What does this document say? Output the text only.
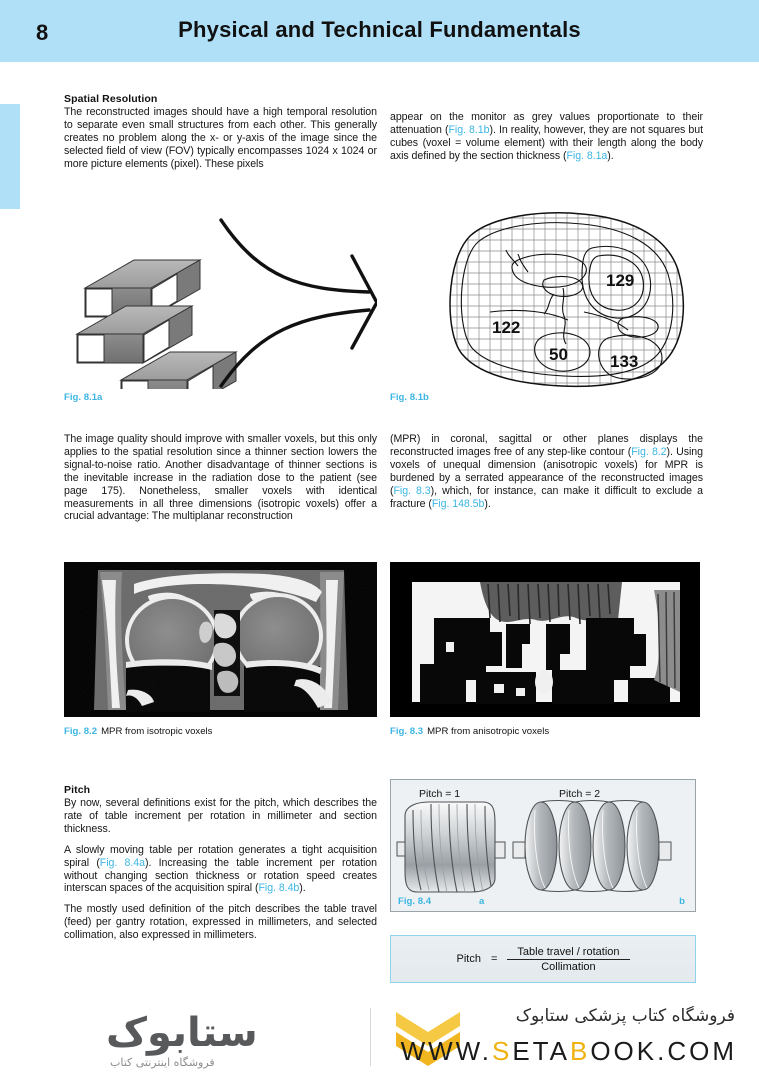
8	Physical and Technical Fundamentals
Spatial Resolution

The reconstructed images should have a high temporal resolution to separate even small structures from each other. This generally creates no problem along the x- or y-axis of the image since the selected field of view (FOV) typically encompasses 1024 x 1024 or more picture elements (pixel). These pixels

appear on the monitor as grey values proportionate to their attenuation (Fig. 8.1b). In reality, however, they are not squares but cubes (voxel = volume element) with their length along the body axis defined by the section thickness (Fig. 8.1a).

Fig. 8.1a
129
122
50 133
Fig. 8.1b

The image quality should improve with smaller voxels, but this only applies to the spatial resolution since a thinner section lowers the signal-to-noise ratio. Another disadvantage of thinner sections is the inevitable increase in the radiation dose to the patient (see page 175). Nonetheless, smaller voxels with identical measurements in all three dimensions (isotropic voxels) offer a crucial advantage: The multiplanar reconstruction

(MPR) in coronal, sagittal or other planes displays the reconstructed images free of any step-like contour (Fig. 8.2). Using voxels of unequal dimension (anisotropic voxels) for MPR is burdened by a serrated appearance of the reconstructed images (Fig. 8.3), which, for instance, can make it difficult to exclude a fracture (Fig. 148.5b).

Fig. 8.2 MPR from isotropic voxels	Fig. 8.3 MPR from anisotropic voxels
Pitch

By now, several definitions exist for the pitch, which describes the rate of table increment per rotation in millimeter and section thickness.

A slowly moving table per rotation generates a tight acquisition spiral (Fig. 8.4a). Increasing the table increment per rotation without changing section thickness or rotation speed creates interscan spaces of the acquisition spiral (Fig. 8.4b).

The mostly used definition of the pitch describes the table travel (feed) per gantry rotation, expressed in millimeters, and selected collimation, also expressed in millimeters.

Pitch = 1	Pitch = 2
Fig. 8.4	a	b
Pitch = $\frac{\text{Table travel / rotation}}{\text{Collimation}}$
ستابوک
فروشگاه اینترنتی کتاب
فروشگاه کتاب پزشکی ستابوک
WWW.SETABOOK.COM
